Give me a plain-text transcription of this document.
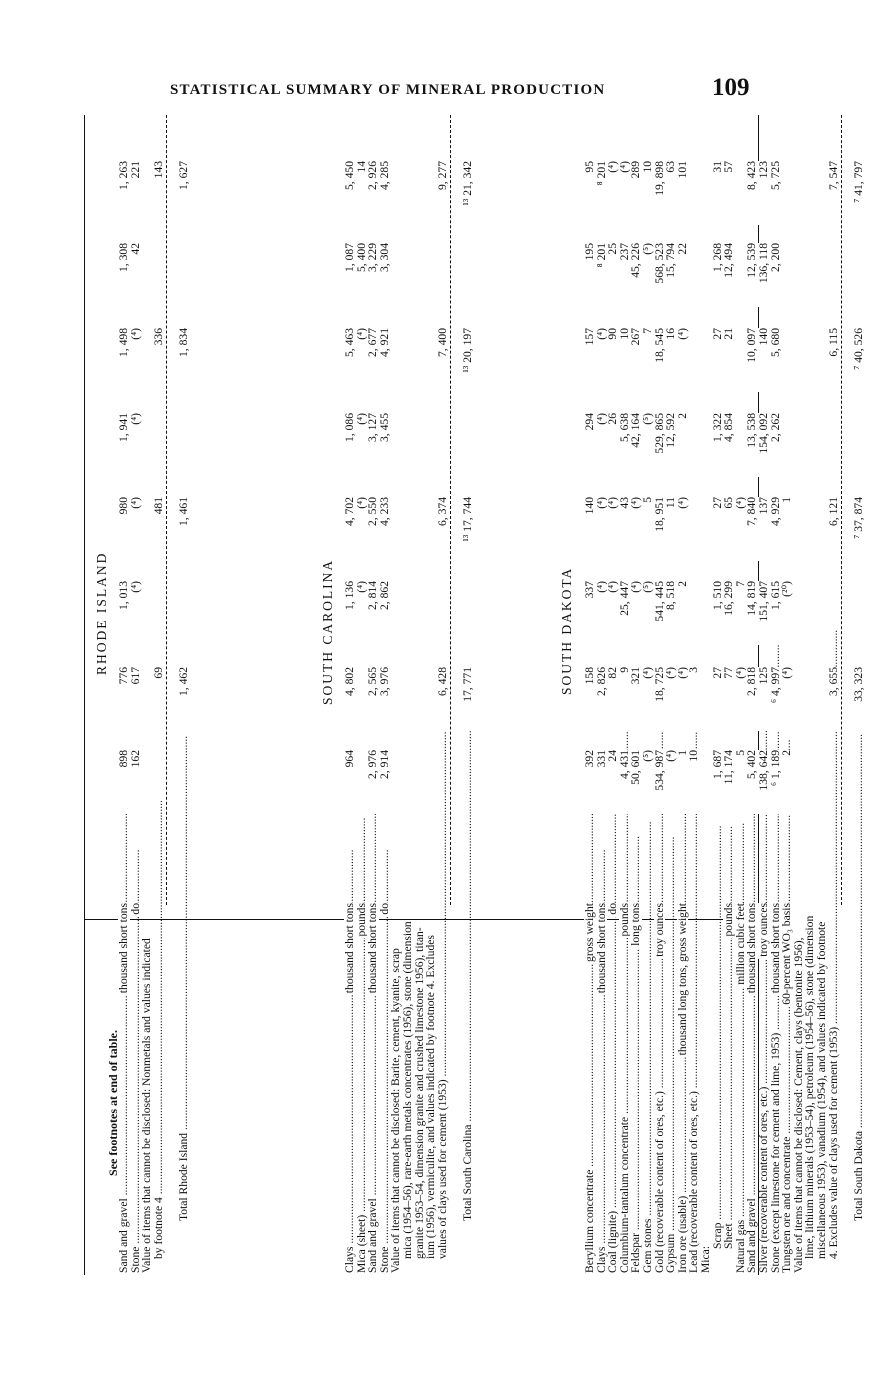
STATISTICAL SUMMARY OF MINERAL PRODUCTION	109
RHODE ISLAND
Sand and gravel .....
thousand short tons
898
776
1, 013
980
1, 941
1, 498
1, 308
1, 263
Stone .....
do
162
617
(⁴)
(⁴)
(⁴)
(⁴)
42
221
Value of items that cannot be disclosed: Nonmetals and values indicated
by footnote 4 .....
69
481
336
143
Total Rhode Island .....
1, 462
1, 461
1, 834
1, 627
SOUTH CAROLINA
Clays .....
thousand short tons
964
4, 802
1, 136
4, 702
1, 086
5, 463
1, 087
5, 450
Mica (sheet) .....
pounds
(⁴)
(⁴)
(⁴)
(⁴)
5, 400
14
Sand and gravel .....
thousand short tons
2, 976
2, 565
2, 814
2, 550
3, 127
2, 677
3, 229
2, 926
Stone .....
do
2, 914
3, 976
2, 862
4, 233
3, 455
4, 921
3, 304
4, 285
Value of items that cannot be disclosed: Barite, cement, kyanite, scrap
mica (1954–56), rare-earth metals concentrates (1956), stone (dimension
granite 1953–54, dimension granite and crushed limestone 1956), titan-
ium (1956), vermiculite, and values indicated by footnote 4. Excludes
values of clays used for cement (1953) .....
6, 428
6, 374
7, 400
9, 277
Total South Carolina .....
17, 771
¹³ 17, 744
¹³ 20, 197
¹³ 21, 342
SOUTH DAKOTA
Beryllium concentrate .....
gross weight
392
158
337
140
294
157
195
95
Clays .....
thousand short tons
331
2, 826
(⁴)
(⁴)
(⁴)
(⁴)
⁸ 201
⁸ 201
Coal (lignite) .....
do
24
82
(⁴)
(⁴)
26
90
25
(⁴)
Columbium-tantalum concentrate .....
pounds
4, 431
9
25, 447
43
5, 638
10
237
(⁴)
Feldspar .....
long tons
50, 601
321
(⁴)
(⁴)
42, 164
267
45, 226
289
Gem stones .....
(⁵)
(⁴)
(⁵)
5
(⁵)
7
(⁵)
10
Gold (recoverable content of ores, etc.) .....
troy ounces
534, 987
18, 725
541, 445
18, 951
529, 865
18, 545
568, 523
19, 898
Gypsum .....
(⁴)
(⁴)
8, 518
11
12, 592
16
15, 794
63
Iron ore (usable) .....
thousand long tons, gross weight
1
(⁴)
2
(⁴)
2
(⁴)
22
101
Lead (recoverable content of ores, etc.) .....
10
3
Mica:
Scrap .....
1, 687
27
1, 510
27
1, 322
27
1, 268
31
Sheet .....
pounds
11, 174
77
16, 299
65
4, 854
21
12, 494
57
Natural gas .....
million cubic feet
5
(⁴)
7
(⁴)
Sand and gravel .....
thousand short tons
5, 402
2, 818
14, 819
7, 840
13, 538
10, 097
12, 539
8, 423
Silver (recoverable content of ores, etc.) .....
troy ounces
138, 642
125
151, 407
137
154, 092
140
136, 118
123
Stone (except limestone for cement and lime, 1953) .....
thousand short tons
⁶ 1, 189
⁶ 4, 997
1, 615
4, 929
2, 262
5, 680
2, 200
5, 725
Tungsten ore and concentrate .....
60-percent WO₃ basis
2
(⁴)
(²⁰)
1
Value of items that cannot be disclosed: Cement, clays (bentonite 1956),
lime, lithium minerals (1953–54), petroleum (1954–56), stone (dimension
miscellaneous 1953), vanadium (1954), and values indicated by footnote
4. Excludes value of clays used for cement (1953) .....
3, 655
6, 121
6, 115
7, 547
Total South Dakota .....
33, 323
⁷ 37, 874
⁷ 40, 526
⁷ 41, 797
See footnotes at end of table.
